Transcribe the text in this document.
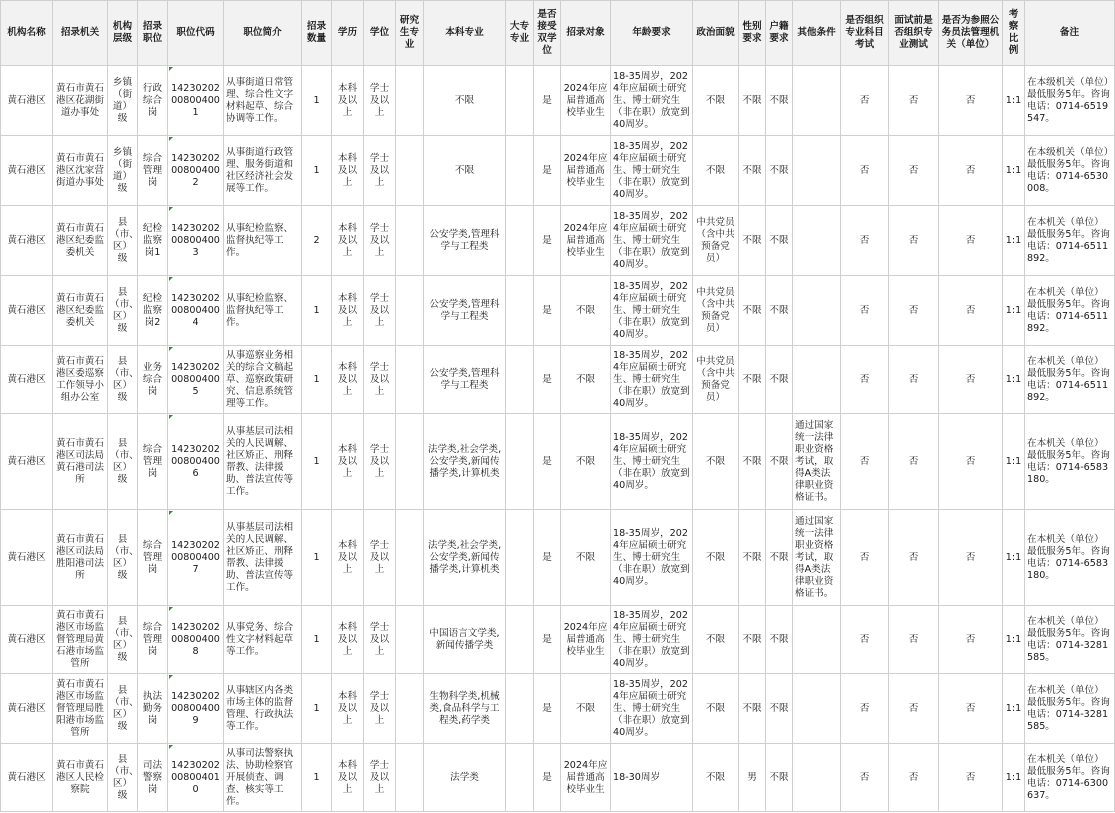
机构名称	招录机关	机构层级	招录职位	职位代码	职位简介	招录数量	学历	学位	研究生专业	本科专业	大专专业	是否接受双学位	招录对象	年龄要求	政治面貌	性别要求	户籍要求	其他条件	是否组织专业科目考试	面试前是否组织专业测试	是否为参照公务员法管理机关（单位）	考察比例	备注
黄石港区	黄石市黄石港区花湖街道办事处	乡镇（街道）级	行政综合岗	14230202008004001	从事街道日常管理、综合性文字材料起草、综合协调等工作。	1	本科及以上	学士及以上		不限		是	2024年应届普通高校毕业生	18-35周岁，2024年应届硕士研究生、博士研究生（非在职）放宽到40周岁。	不限	不限	不限		否	否	否	1:1	在本级机关（单位）最低服务5年。咨询电话：0714-6519547。
黄石港区	黄石市黄石港区沈家营街道办事处	乡镇（街道）级	综合管理岗	14230202008004002	从事街道行政管理、服务街道和社区经济社会发展等工作。	1	本科及以上	学士及以上		不限		是	2024年应届普通高校毕业生	18-35周岁，2024年应届硕士研究生、博士研究生（非在职）放宽到40周岁。	不限	不限	不限		否	否	否	1:1	在本级机关（单位）最低服务5年。咨询电话：0714-6530008。
黄石港区	黄石市黄石港区纪委监委机关	县（市、区）级	纪检监察岗1	14230202008004003	从事纪检监察、监督执纪等工作。	2	本科及以上	学士及以上		公安学类,管理科学与工程类		是	2024年应届普通高校毕业生	18-35周岁，2024年应届硕士研究生、博士研究生（非在职）放宽到40周岁。	中共党员（含中共预备党员）	不限	不限		否	否	否	1:1	在本机关（单位）最低服务5年。咨询电话：0714-6511892。
黄石港区	黄石市黄石港区纪委监委机关	县（市、区）级	纪检监察岗2	14230202008004004	从事纪检监察、监督执纪等工作。	1	本科及以上	学士及以上		公安学类,管理科学与工程类		是	不限	18-35周岁，2024年应届硕士研究生、博士研究生（非在职）放宽到40周岁。	中共党员（含中共预备党员）	不限	不限		否	否	否	1:1	在本机关（单位）最低服务5年。咨询电话：0714-6511892。
黄石港区	黄石市黄石港区委巡察工作领导小组办公室	县（市、区）级	业务综合岗	14230202008004005	从事巡察业务相关的综合文稿起草、巡察政策研究、信息系统管理等工作。	1	本科及以上	学士及以上		公安学类,管理科学与工程类		是	不限	18-35周岁，2024年应届硕士研究生、博士研究生（非在职）放宽到40周岁。	中共党员（含中共预备党员）	不限	不限		否	否	否	1:1	在本机关（单位）最低服务5年。咨询电话：0714-6511892。
黄石港区	黄石市黄石港区司法局黄石港司法所	县（市、区）级	综合管理岗	14230202008004006	从事基层司法相关的人民调解、社区矫正、刑释帮教、法律援助、普法宣传等工作。	1	本科及以上	学士及以上		法学类,社会学类,公安学类,新闻传播学类,计算机类		是	不限	18-35周岁，2024年应届硕士研究生、博士研究生（非在职）放宽到40周岁。	不限	不限	不限	通过国家统一法律职业资格考试，取得A类法律职业资格证书。	否	否	否	1:1	在本机关（单位）最低服务5年。咨询电话：0714-6583180。
黄石港区	黄石市黄石港区司法局胜阳港司法所	县（市、区）级	综合管理岗	14230202008004007	从事基层司法相关的人民调解、社区矫正、刑释帮教、法律援助、普法宣传等工作。	1	本科及以上	学士及以上		法学类,社会学类,公安学类,新闻传播学类,计算机类		是	不限	18-35周岁，2024年应届硕士研究生、博士研究生（非在职）放宽到40周岁。	不限	不限	不限	通过国家统一法律职业资格考试，取得A类法律职业资格证书。	否	否	否	1:1	在本机关（单位）最低服务5年。咨询电话：0714-6583180。
黄石港区	黄石市黄石港区市场监督管理局黄石港市场监管所	县（市、区）级	综合管理岗	14230202008004008	从事党务、综合性文字材料起草等工作。	1	本科及以上	学士及以上		中国语言文学类,新闻传播学类		是	2024年应届普通高校毕业生	18-35周岁，2024年应届硕士研究生、博士研究生（非在职）放宽到40周岁。	不限	不限	不限		否	否	否	1:1	在本机关（单位）最低服务5年。咨询电话：0714-3281585。
黄石港区	黄石市黄石港区市场监督管理局胜阳港市场监管所	县（市、区）级	执法勤务岗	14230202008004009	从事辖区内各类市场主体的监督管理、行政执法等工作。	1	本科及以上	学士及以上		生物科学类,机械类,食品科学与工程类,药学类		是	不限	18-35周岁，2024年应届硕士研究生、博士研究生（非在职）放宽到40周岁。	不限	不限	不限		否	否	否	1:1	在本机关（单位）最低服务5年。咨询电话：0714-3281585。
黄石港区	黄石市黄石港区人民检察院	县（市、区）级	司法警察岗	14230202008004010	从事司法警察执法、协助检察官开展侦查、调查、核实等工作。	1	本科及以上	学士及以上		法学类		是	2024年应届普通高校毕业生	18-30周岁	不限	男	不限		否	否	否	1:1	在本机关（单位）最低服务5年。咨询电话：0714-6300637。
